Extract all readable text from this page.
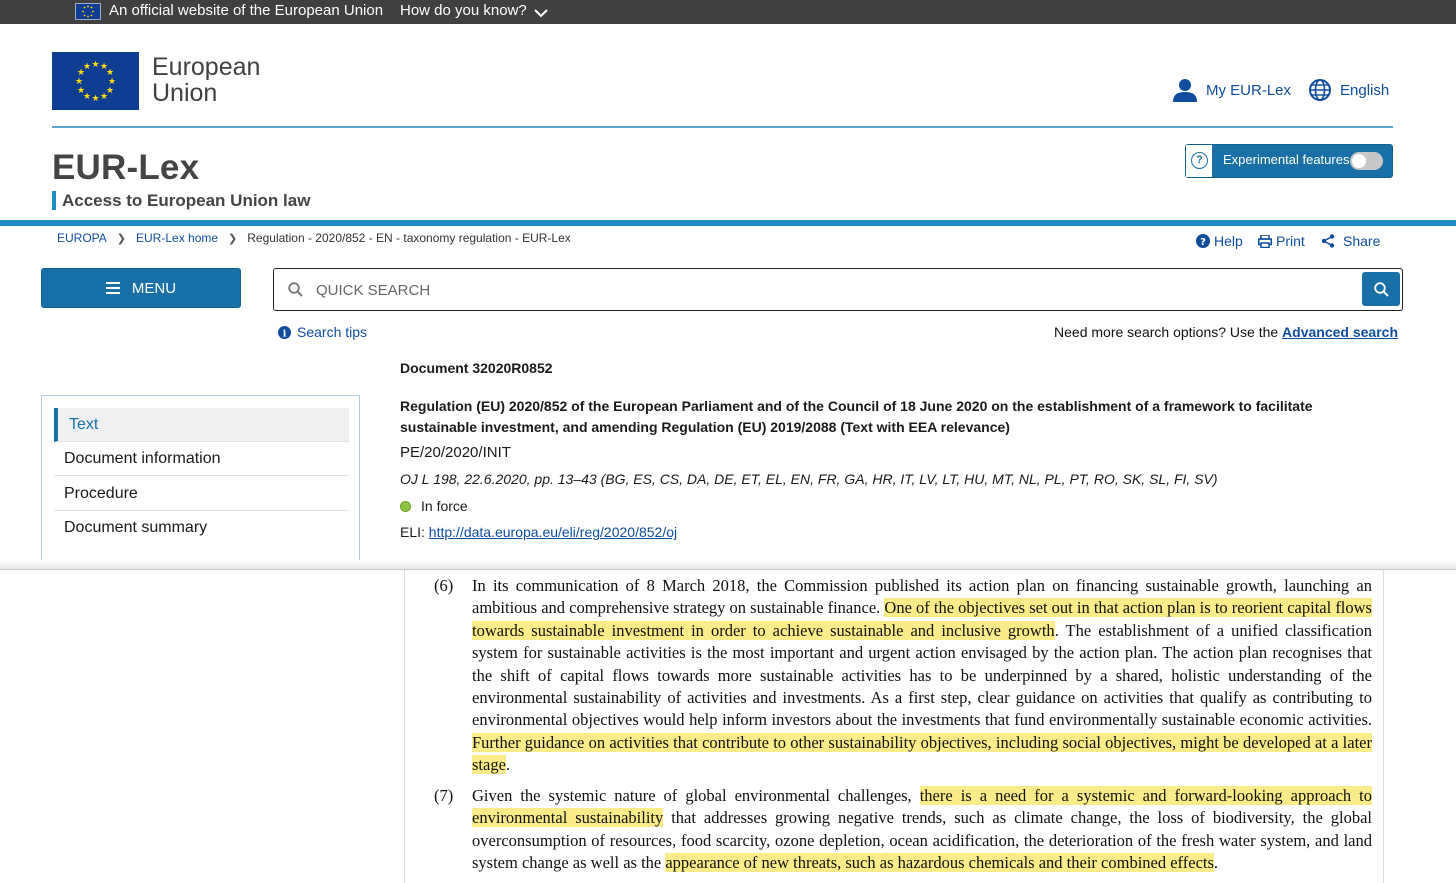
An official website of the European Union How do you know?
★ ★
★
★
★
★
★
★
★
★
★
★ European
Union	My EUR-Lex	English
EUR-Lex
Access to European Union law
?	Experimental features
EUROPA ❯ EUR-Lex home ❯ Regulation - 2020/852 - EN - taxonomy regulation - EUR-Lex	? Help Print	Share
MENU
QUICK SEARCH
i Search tips	Need more search options? Use the Advanced search
Text
Document information
Procedure
Document summary
Document 32020R0852
Regulation (EU) 2020/852 of the European Parliament and of the Council of 18 June 2020 on the establishment of a framework to facilitate sustainable investment, and amending Regulation (EU) 2019/2088 (Text with EEA relevance)
PE/20/2020/INIT
OJ L 198, 22.6.2020, pp. 13–43 (BG, ES, CS, DA, DE, ET, EL, EN, FR, GA, HR, IT, LV, LT, HU, MT, NL, PL, PT, RO, SK, SL, FI, SV)
In force
ELI: http://data.europa.eu/eli/reg/2020/852/oj
(6) In its communication of 8 March 2018, the Commission published its action plan on financing sustainable growth, launching an ambitious and comprehensive strategy on sustainable finance. One of the objectives set out in that action plan is to reorient capital flows towards sustainable investment in order to achieve sustainable and inclusive growth. The establishment of a unified classification system for sustainable activities is the most important and urgent action envisaged by the action plan. The action plan recognises that the shift of capital flows towards more sustainable activities has to be underpinned by a shared, holistic understanding of the environmental sustainability of activities and investments. As a first step, clear guidance on activities that qualify as contributing to environmental objectives would help inform investors about the investments that fund environmentally sustainable economic activities. Further guidance on activities that contribute to other sustainability objectives, including social objectives, might be developed at a later stage.
(7) Given the systemic nature of global environmental challenges, there is a need for a systemic and forward-looking approach to environmental sustainability that addresses growing negative trends, such as climate change, the loss of biodiversity, the global overconsumption of resources, food scarcity, ozone depletion, ocean acidification, the deterioration of the fresh water system, and land system change as well as the appearance of new threats, such as hazardous chemicals and their combined effects.
